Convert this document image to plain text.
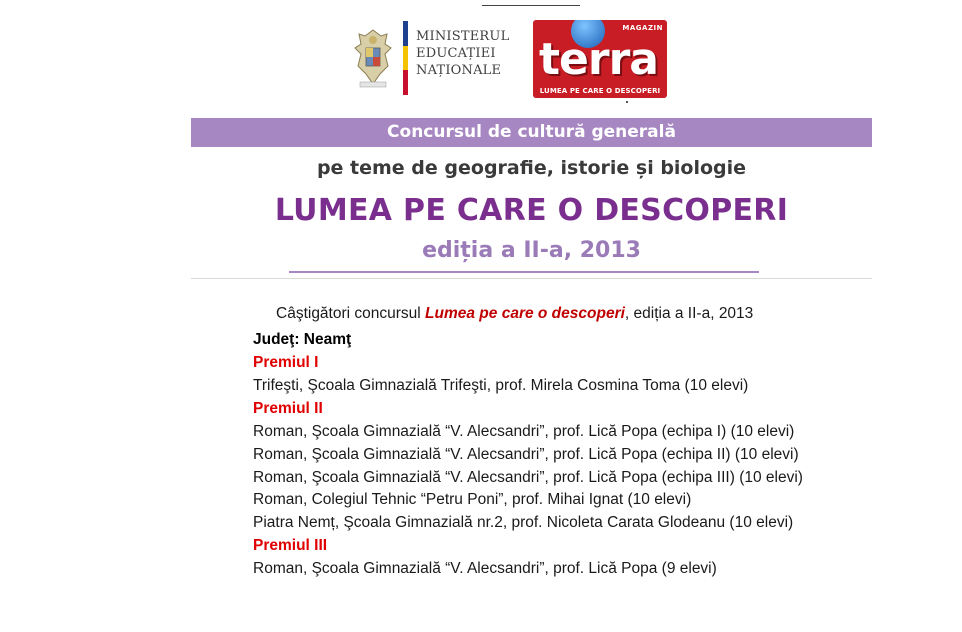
MINISTERUL
EDUCAȚIEI
NAȚIONALE
MAGAZIN
terra
LUMEA PE CARE O DESCOPERI
Concursul de cultură generală
pe teme de geografie, istorie și biologie
LUMEA PE CARE O DESCOPERI
ediția a II-a, 2013
Câştigători concursul Lumea pe care o descoperi, ediția a II-a, 2013
Judeţ: Neamţ
Premiul I
Trifeşti, Şcoala Gimnazială Trifeşti, prof. Mirela Cosmina Toma (10 elevi)
Premiul II
Roman, Şcoala Gimnazială “V. Alecsandri”, prof. Lică Popa (echipa I) (10 elevi)
Roman, Şcoala Gimnazială “V. Alecsandri”, prof. Lică Popa (echipa II) (10 elevi)
Roman, Şcoala Gimnazială “V. Alecsandri”, prof. Lică Popa (echipa III) (10 elevi)
Roman, Colegiul Tehnic “Petru Poni”, prof. Mihai Ignat (10 elevi)
Piatra Nemț, Şcoala Gimnazială nr.2, prof. Nicoleta Carata Glodeanu (10 elevi)
Premiul III
Roman, Şcoala Gimnazială “V. Alecsandri”, prof. Lică Popa (9 elevi)
